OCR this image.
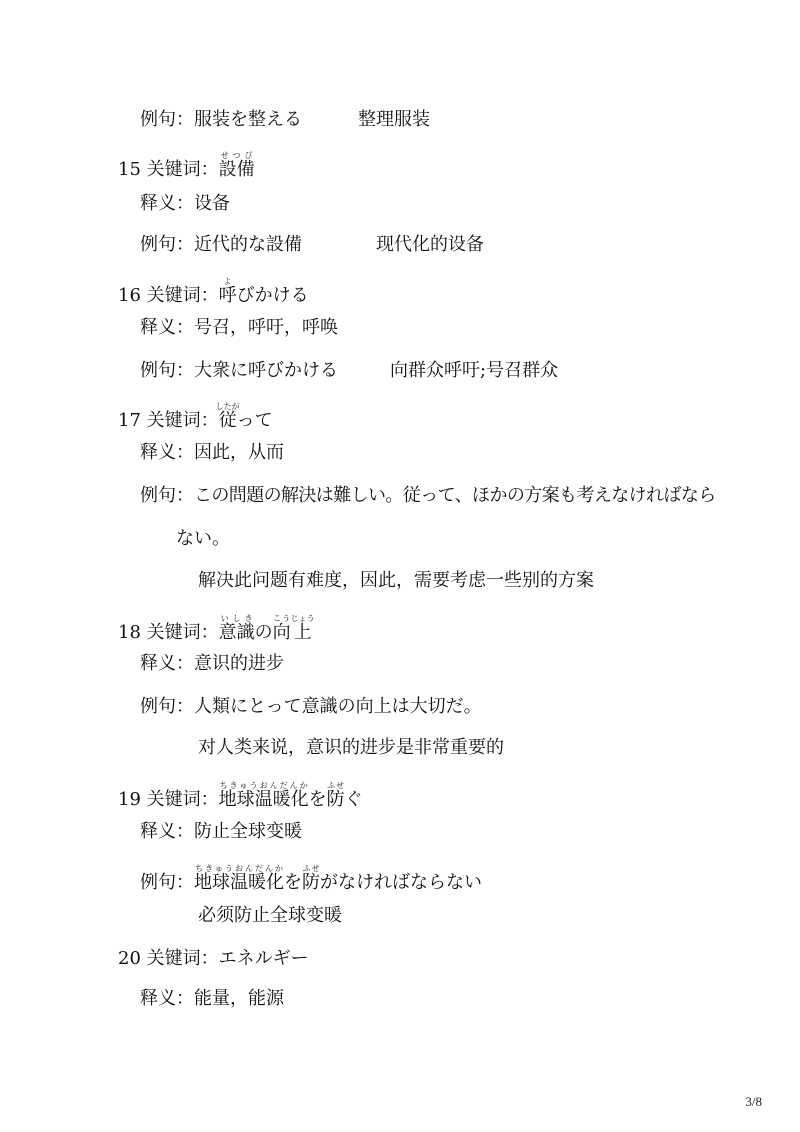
例句：服装を整える	整理服装
15 关键词：設備せつび
释义：设备
例句：近代的な設備	现代化的设备
16 关键词：呼よびかける
释义：号召，呼吁，呼唤
例句：大衆に呼びかける	向群众呼吁;号召群众
17 关键词：従したがって
释义：因此，从而
例句：この問題の解決は難しい。従って、ほかの方案も考えなければなら
ない。
解决此问题有难度，因此，需要考虑一些别的方案
18 关键词：意識いしきの向こう上じょう
释义：意识的进步
例句：人類にとって意識の向上は大切だ。
对人类来说，意识的进步是非常重要的
19 关键词：地球温暖化ちきゅうおんだんかを防ふせぐ
释义：防止全球变暖
例句：地球温暖化ちきゅうおんだんかを防ふせがなければならない
必须防止全球变暖
20 关键词：エネルギー
释义：能量，能源
3/8
